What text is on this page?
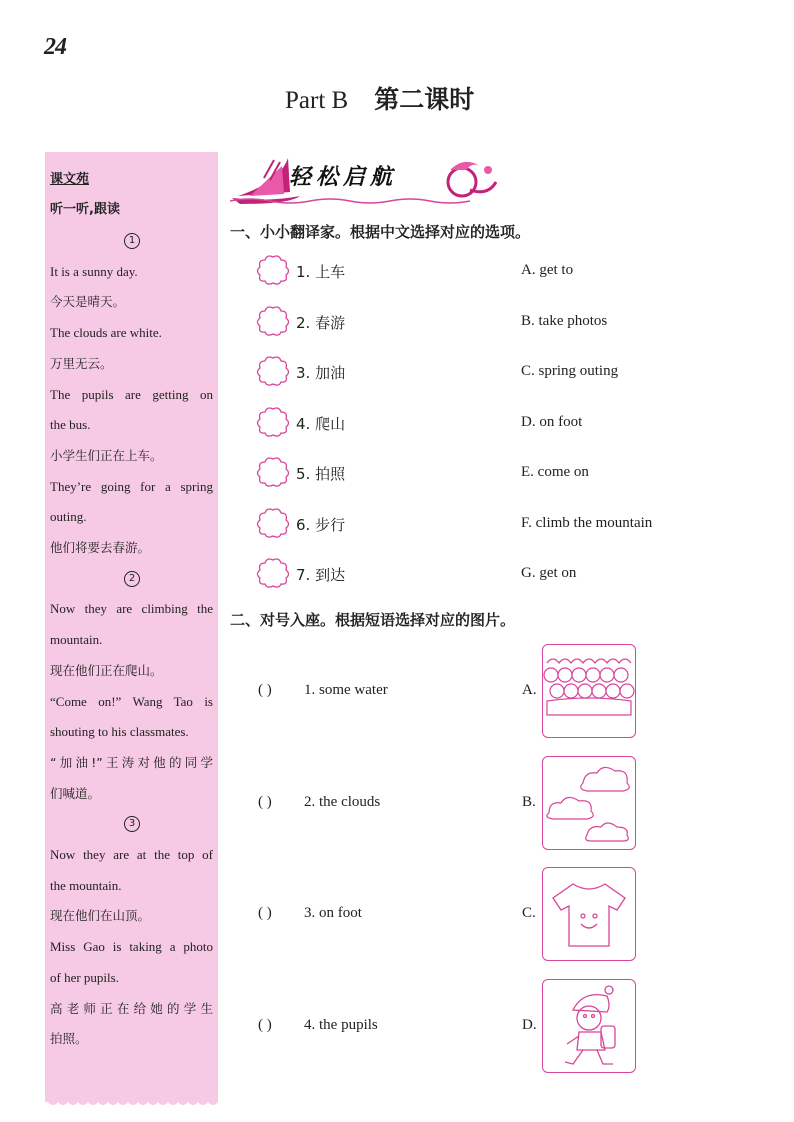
24
Part B 第二课时
课文苑
听一听,跟读
1
It is a sunny day.
今天是晴天。
The clouds are white.
万里无云。
The pupils are getting on
the bus.
小学生们正在上车。
They’re going for a spring
outing.
他们将要去春游。
2
Now they are climbing the
mountain.
现在他们正在爬山。
“Come on!” Wang Tao is
shouting to his classmates.
“加油!”王涛对他的同学
们喊道。
3
Now they are at the top of
the mountain.
现在他们在山顶。
Miss Gao is taking a photo
of her pupils.
高老师正在给她的学生
拍照。
轻松启航
一、小小翻译家。根据中文选择对应的选项。
1. 上车	A. get to
2. 春游	B. take photos
3. 加油	C. spring outing
4. 爬山	D. on foot
5. 拍照	E. come on
6. 步行	F. climb the mountain
7. 到达	G. get on
二、对号入座。根据短语选择对应的图片。
( ) 1. some water	A.
( ) 2. the clouds	B.
( ) 3. on foot	C.
( ) 4. the pupils	D.
